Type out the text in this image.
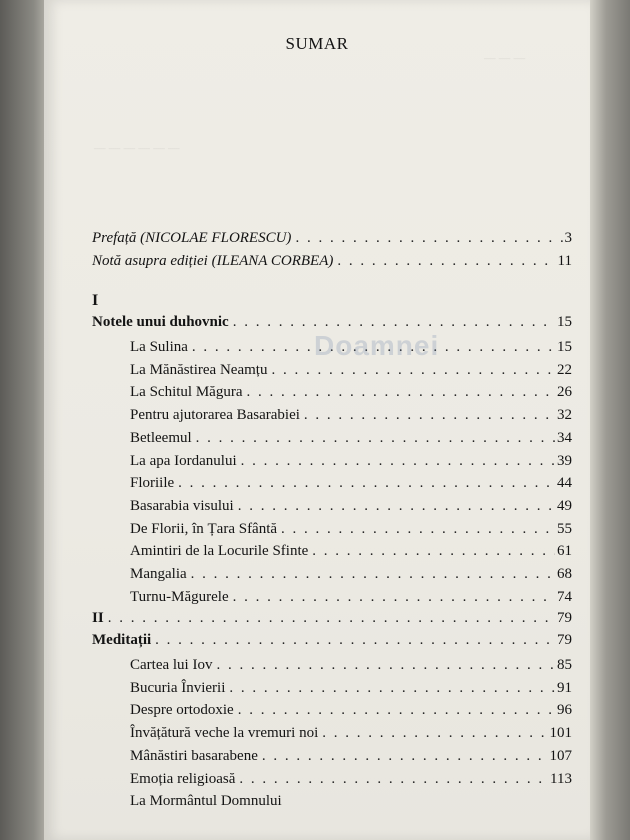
SUMAR
— — —
— — — — — —
Prefață (NICOLAE FLORESCU) . . .	3
Notă asupra ediției (ILEANA CORBEA) . . .	11
I
Notele unui duhovnic . . .	15
La Sulina . . .	15
La Mănăstirea Neamțu . . .	22
La Schitul Măgura . . .	26
Pentru ajutorarea Basarabiei . . .	32
Betleemul . . .	34
La apa Iordanului . . .	39
Floriile . . .	44
Basarabia visului . . .	49
De Florii, în Țara Sfântă . . .	55
Amintiri de la Locurile Sfinte . . .	61
Mangalia . . .	68
Turnu-Măgurele . . .	74
II . . .	79
Meditații . . .	79
Cartea lui Iov . . .	85
Bucuria Învierii . . .	91
Despre ortodoxie . . .	96
Învățătură veche la vremuri noi . . .	101
Mânăstiri basarabene . . .	107
Emoția religioasă . . .	113
La Mormântul Domnului
Doamnei
